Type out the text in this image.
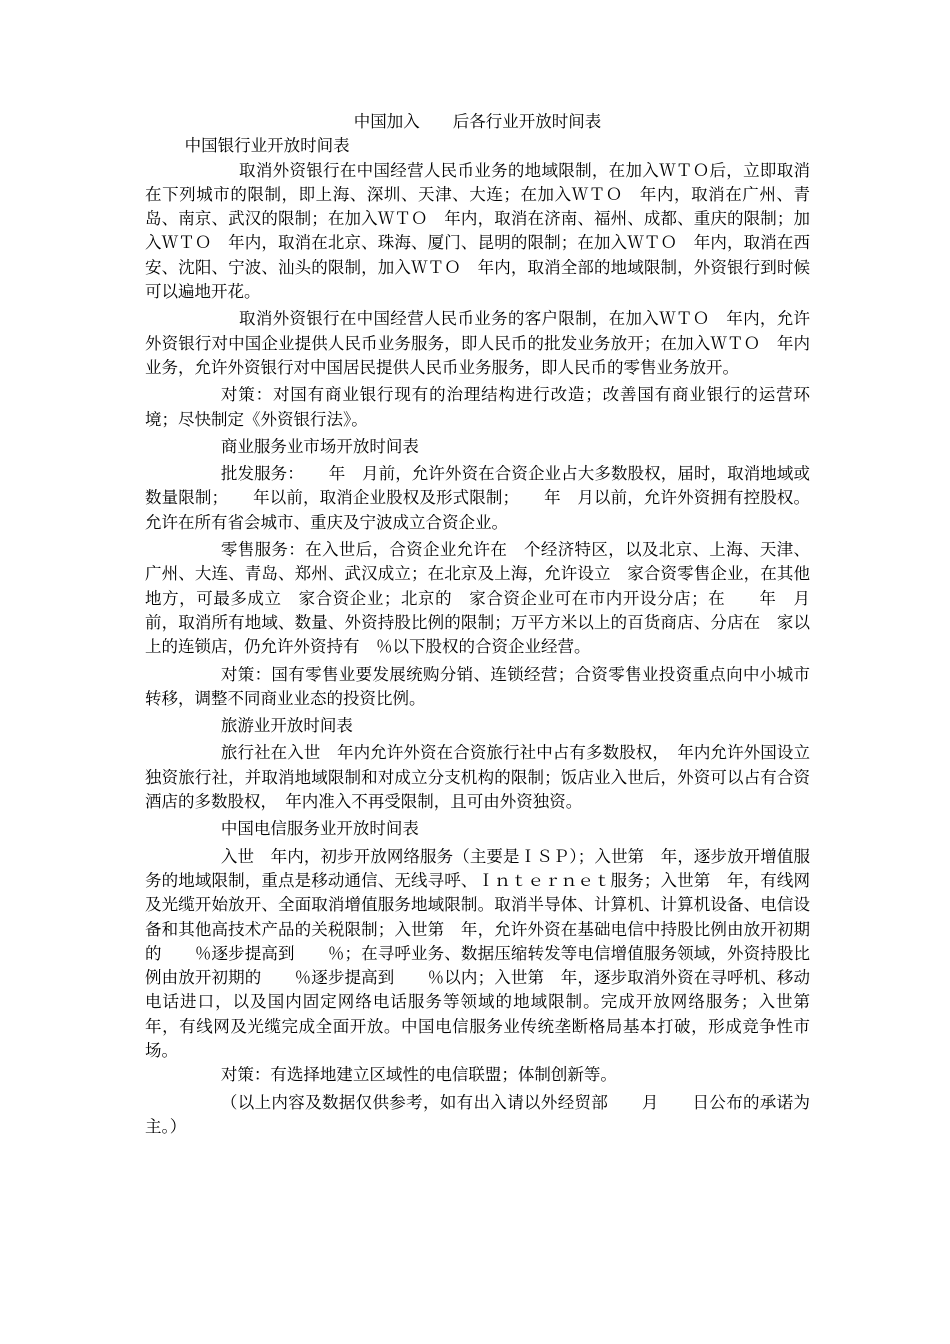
中国加入　　后各行业开放时间表

中国银行业开放时间表

取消外资银行在中国经营人民币业务的地域限制，在加入ＷＴＯ后，立即取消在下列城市的限制，即上海、深圳、天津、大连；在加入ＷＴＯ　年内，取消在广州、青岛、南京、武汉的限制；在加入ＷＴＯ　年内，取消在济南、福州、成都、重庆的限制；加入ＷＴＯ　年内，取消在北京、珠海、厦门、昆明的限制；在加入ＷＴＯ　年内，取消在西安、沈阳、宁波、汕头的限制，加入ＷＴＯ　年内，取消全部的地域限制，外资银行到时候可以遍地开花。

取消外资银行在中国经营人民币业务的客户限制，在加入ＷＴＯ　年内，允许外资银行对中国企业提供人民币业务服务，即人民币的批发业务放开；在加入ＷＴＯ　年内业务，允许外资银行对中国居民提供人民币业务服务，即人民币的零售业务放开。

对策：对国有商业银行现有的治理结构进行改造；改善国有商业银行的运营环境；尽快制定《外资银行法》。

商业服务业市场开放时间表

批发服务：　　年　月前，允许外资在合资企业占大多数股权，届时，取消地域或数量限制；　　年以前，取消企业股权及形式限制；　　年　月以前，允许外资拥有控股权。允许在所有省会城市、重庆及宁波成立合资企业。

零售服务：在入世后，合资企业允许在　个经济特区，以及北京、上海、天津、广州、大连、青岛、郑州、武汉成立；在北京及上海，允许设立　家合资零售企业，在其他地方，可最多成立　家合资企业；北京的　家合资企业可在市内开设分店；在　　年　月前，取消所有地域、数量、外资持股比例的限制；万平方米以上的百货商店、分店在　家以上的连锁店，仍允许外资持有　％以下股权的合资企业经营。

对策：国有零售业要发展统购分销、连锁经营；合资零售业投资重点向中小城市转移，调整不同商业业态的投资比例。

旅游业开放时间表

旅行社在入世　年内允许外资在合资旅行社中占有多数股权，　年内允许外国设立独资旅行社，并取消地域限制和对成立分支机构的限制；饭店业入世后，外资可以占有合资酒店的多数股权，　年内准入不再受限制，且可由外资独资。

中国电信服务业开放时间表

入世　年内，初步开放网络服务（主要是ＩＳＰ）；入世第　年，逐步放开增值服务的地域限制，重点是移动通信、无线寻呼、Ｉｎｔｅｒｎｅｔ服务；入世第　年，有线网及光缆开始放开、全面取消增值服务地域限制。取消半导体、计算机、计算机设备、电信设备和其他高技术产品的关税限制；入世第　年，允许外资在基础电信中持股比例由放开初期的　　％逐步提高到　　％；在寻呼业务、数据压缩转发等电信增值服务领域，外资持股比例由放开初期的　　％逐步提高到　　％以内；入世第　年，逐步取消外资在寻呼机、移动电话进口，以及国内固定网络电话服务等领域的地域限制。完成开放网络服务；入世第　年，有线网及光缆完成全面开放。中国电信服务业传统垄断格局基本打破，形成竞争性市场。

对策：有选择地建立区域性的电信联盟；体制创新等。

（以上内容及数据仅供参考，如有出入请以外经贸部　　月　　日公布的承诺为主。）
